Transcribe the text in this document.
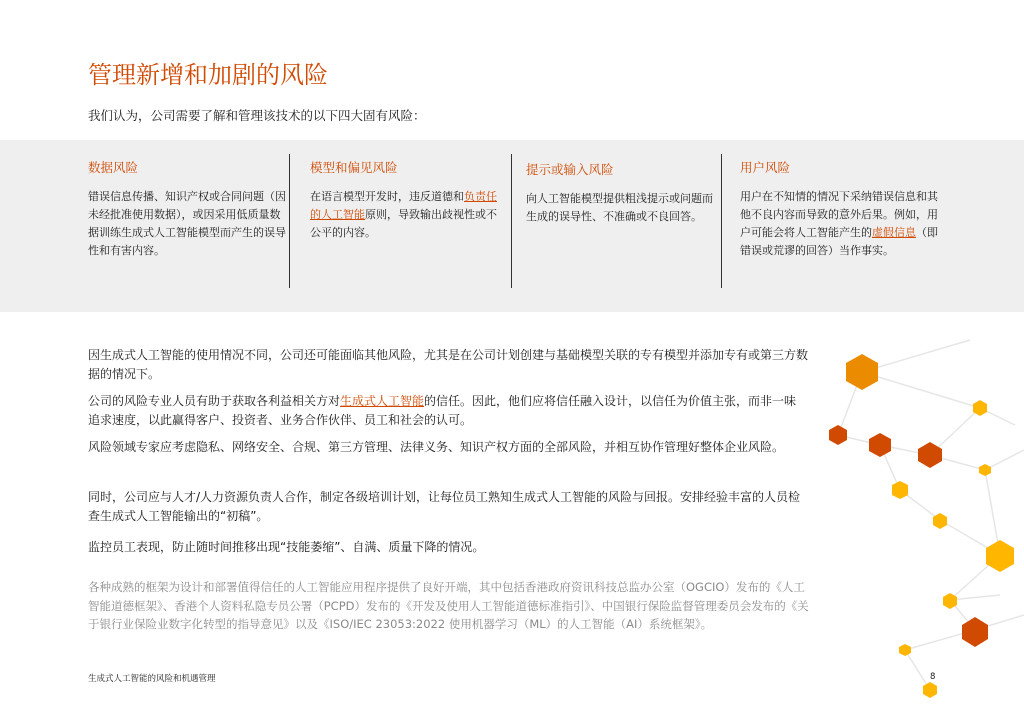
管理新增和加剧的风险

我们认为，公司需要了解和管理该技术的以下四大固有风险：

数据风险

错误信息传播、知识产权或合同问题（因未经批准使用数据），或因采用低质量数据训练生成式人工智能模型而产生的误导性和有害内容。

模型和偏见风险

在语言模型开发时，违反道德和负责任的人工智能原则，导致输出歧视性或不公平的内容。

提示或输入风险

向人工智能模型提供粗浅提示或问题而生成的误导性、不准确或不良回答。

用户风险

用户在不知情的情况下采纳错误信息和其他不良内容而导致的意外后果。例如，用户可能会将人工智能产生的虚假信息（即错误或荒谬的回答）当作事实。

因生成式人工智能的使用情况不同，公司还可能面临其他风险，尤其是在公司计划创建与基础模型关联的专有模型并添加专有或第三方数据的情况下。

公司的风险专业人员有助于获取各利益相关方对生成式人工智能的信任。因此，他们应将信任融入设计，以信任为价值主张，而非一味追求速度，以此赢得客户、投资者、业务合作伙伴、员工和社会的认可。

风险领域专家应考虑隐私、网络安全、合规、第三方管理、法律义务、知识产权方面的全部风险，并相互协作管理好整体企业风险。

同时，公司应与人才/人力资源负责人合作，制定各级培训计划，让每位员工熟知生成式人工智能的风险与回报。安排经验丰富的人员检查生成式人工智能输出的“初稿”。

监控员工表现，防止随时间推移出现“技能萎缩”、自满、质量下降的情况。

各种成熟的框架为设计和部署值得信任的人工智能应用程序提供了良好开端，其中包括香港政府资讯科技总监办公室（OGCIO）发布的《人工智能道德框架》、香港个人资料私隐专员公署（PCPD）发布的《开发及使用人工智能道德标准指引》、中国银行保险监督管理委员会发布的《关于银行业保险业数字化转型的指导意见》以及《ISO/IEC 23053:2022 使用机器学习（ML）的人工智能（AI）系统框架》。

生成式人工智能的风险和机遇管理	8
